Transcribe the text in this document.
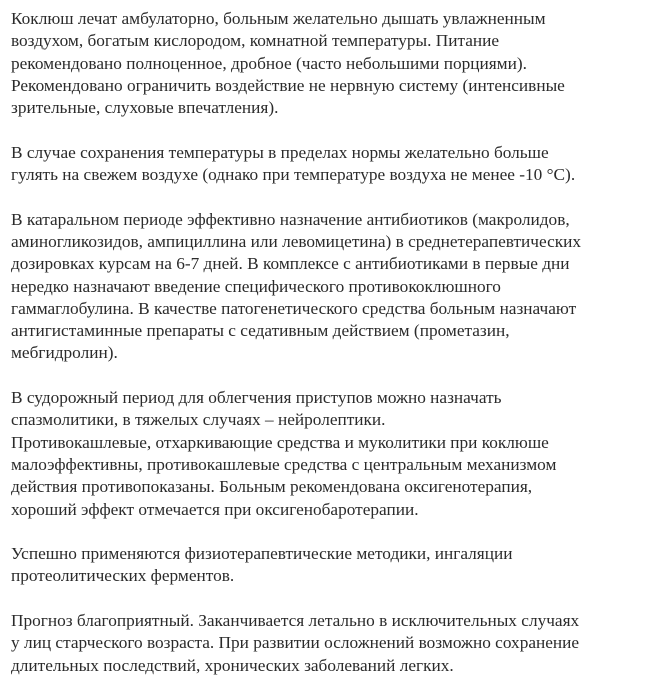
Коклюш лечат амбулаторно, больным желательно дышать увлажненным
воздухом, богатым кислородом, комнатной температуры. Питание
рекомендовано полноценное, дробное (часто небольшими порциями).
Рекомендовано ограничить воздействие не нервную систему (интенсивные
зрительные, слуховые впечатления).

В случае сохранения температуры в пределах нормы желательно больше
гулять на свежем воздухе (однако при температуре воздуха не менее -10 °С).

В катаральном периоде эффективно назначение антибиотиков (макролидов,
аминогликозидов, ампициллина или левомицетина) в среднетерапевтических
дозировках курсам на 6-7 дней. В комплексе с антибиотиками в первые дни
нередко назначают введение специфического противококлюшного
гаммаглобулина. В качестве патогенетического средства больным назначают
антигистаминные препараты с седативным действием (прометазин,
мебгидролин).

В судорожный период для облегчения приступов можно назначать
спазмолитики, в тяжелых случаях – нейролептики.
Противокашлевые, отхаркивающие средства и муколитики при коклюше
малоэффективны, противокашлевые средства с центральным механизмом
действия противопоказаны. Больным рекомендована оксигенотерапия,
хороший эффект отмечается при оксигенобаротерапии.

Успешно применяются физиотерапевтические методики, ингаляции
протеолитических ферментов.

Прогноз благоприятный. Заканчивается летально в исключительных случаях
у лиц старческого возраста. При развитии осложнений возможно сохранение
длительных последствий, хронических заболеваний легких.
